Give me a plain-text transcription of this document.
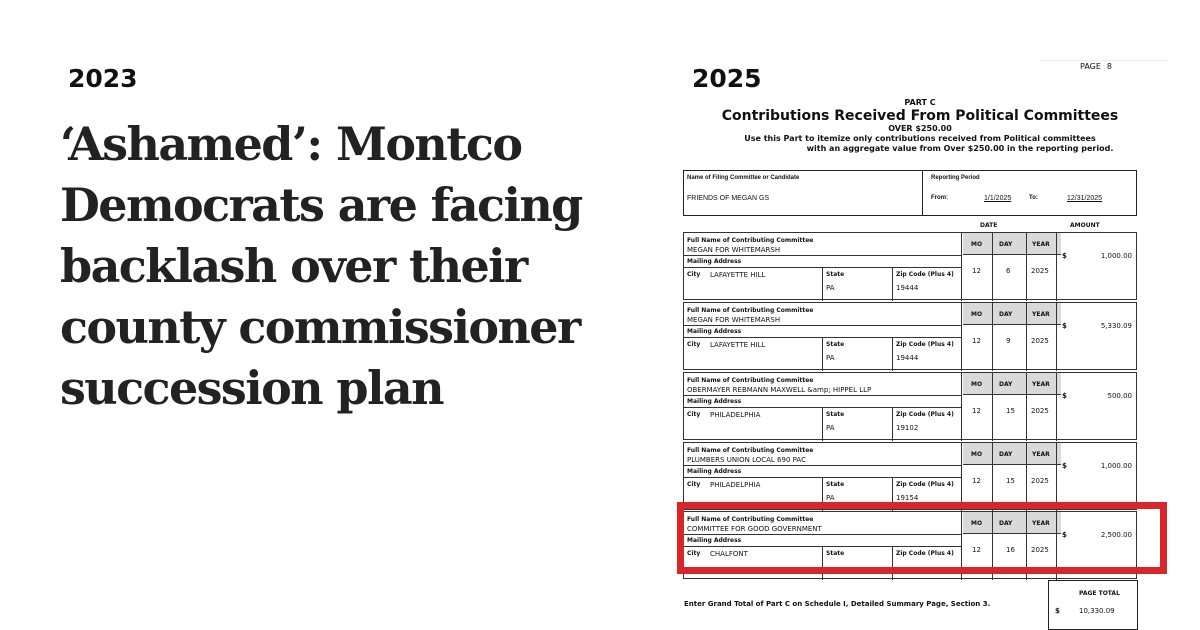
2023	2025
‘Ashamed’: Montco Democrats are facing backlash over their county commissioner succession plan
PAGE 8
PART C
Contributions Received From Political Committees
OVER $250.00
Use this Part to itemize only contributions received from Political committees
with an aggregate value from Over $250.00 in the reporting period.
Name of Filing Committee or Candidate
FRIENDS OF MEGAN GS
Reporting Period
From:	1/1/2025	To:	12/31/2025
DATE	AMOUNT
Full Name of Contributing Committee
MEGAN FOR WHITEMARSH
Mailing Address
City LAFAYETTE HILL	State
PA
Zip Code (Plus 4)
19444
MO	DAY	YEAR
12	6	2025
$	1,000.00
Full Name of Contributing Committee
MEGAN FOR WHITEMARSH
Mailing Address
City LAFAYETTE HILL	State
PA
Zip Code (Plus 4)
19444
MO	DAY	YEAR
12	9	2025
$	5,330.09
Full Name of Contributing Committee
OBERMAYER REBMANN MAXWELL &amp; HIPPEL LLP
Mailing Address
City PHILADELPHIA	State
PA
Zip Code (Plus 4)
19102
MO	DAY	YEAR
12	15 2025
$	500.00
Full Name of Contributing Committee
PLUMBERS UNION LOCAL 690 PAC
Mailing Address
City PHILADELPHIA	State
PA
Zip Code (Plus 4)
19154
MO	DAY	YEAR
12	15 2025
$	1,000.00
Full Name of Contributing Committee
COMMITTEE FOR GOOD GOVERNMENT
Mailing Address
City CHALFONT	State	Zip Code (Plus 4)
MO	DAY	YEAR
12	16 2025
$	2,500.00
Enter Grand Total of Part C on Schedule I, Detailed Summary Page, Section 3.
PAGE TOTAL
$	10,330.09
